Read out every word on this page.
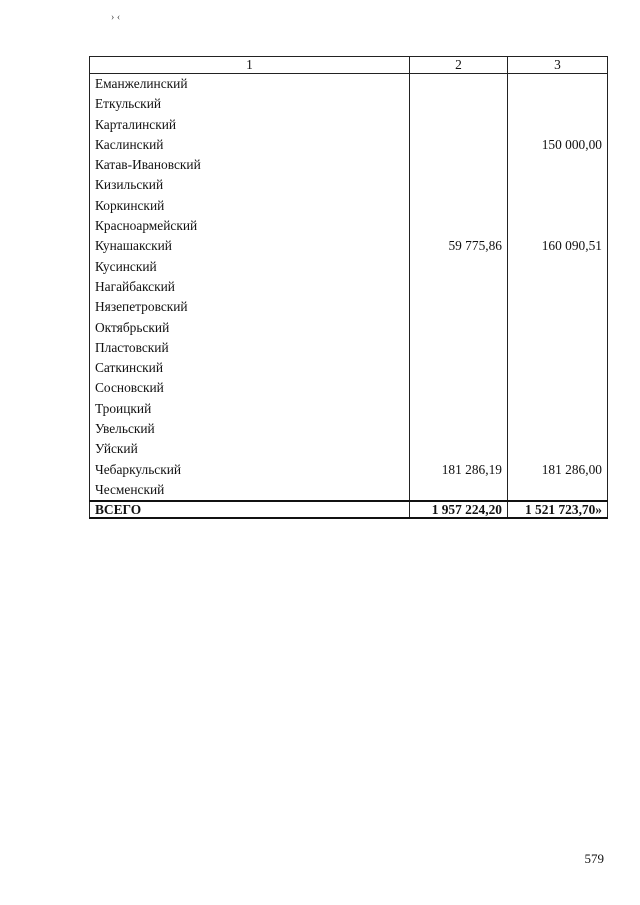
› ‹
1	2	3
Еманжелинский		
Еткульский		
Карталинский		
Каслинский		150 000,00
Катав-Ивановский		
Кизильский		
Коркинский		
Красноармейский		
Кунашакский	59 775,86	160 090,51
Кусинский		
Нагайбакский		
Нязепетровский		
Октябрьский		
Пластовский		
Саткинский		
Сосновский		
Троицкий		
Увельский		
Уйский		
Чебаркульский	181 286,19	181 286,00
Чесменский		
ВСЕГО	1 957 224,20	1 521 723,70»
579
